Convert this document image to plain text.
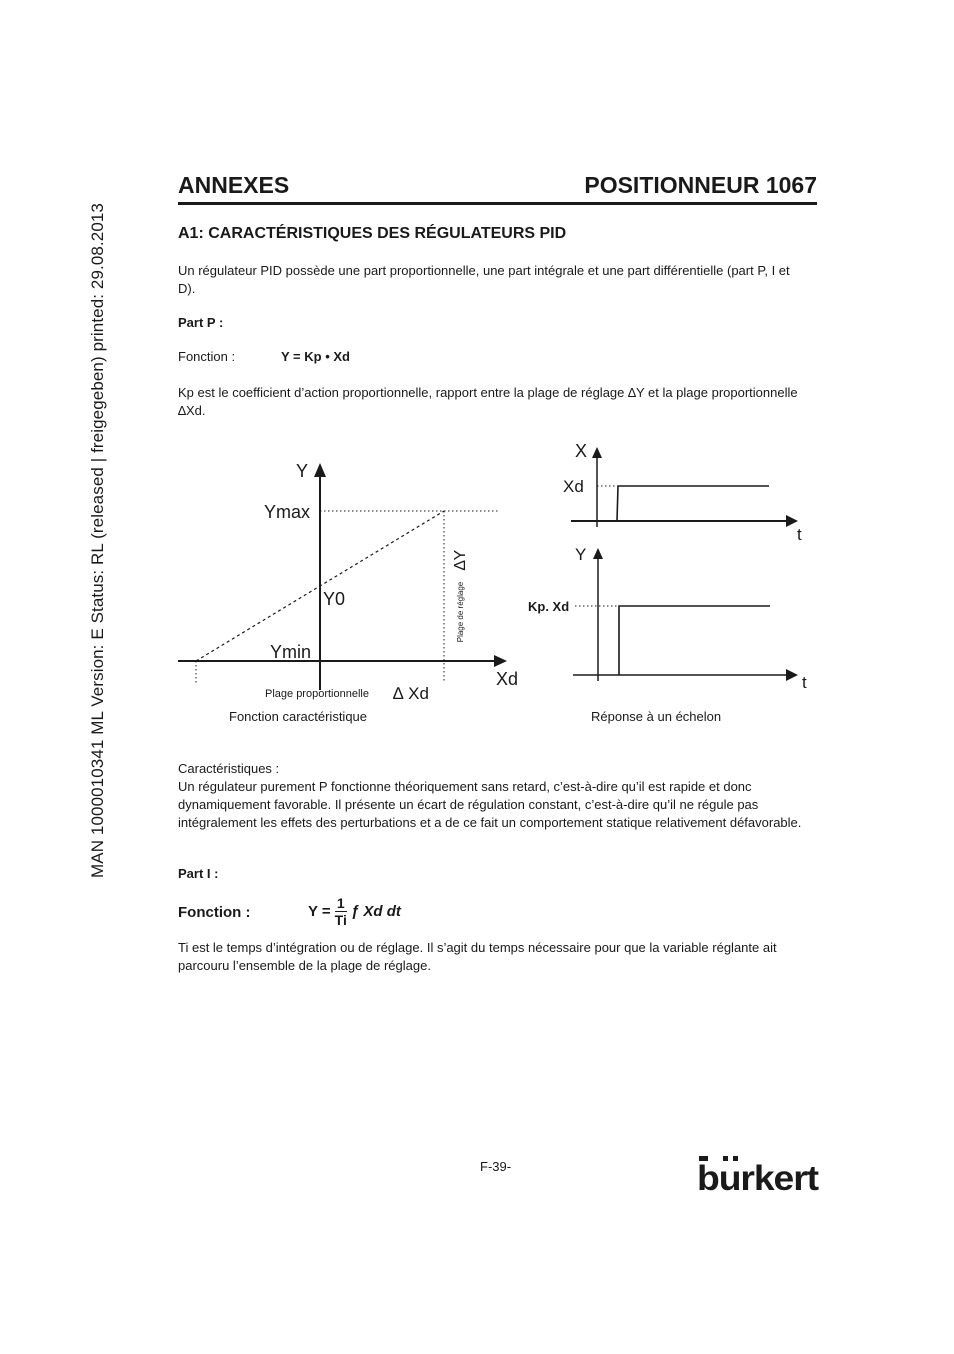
MAN 1000010341 ML Version: E Status: RL (released | freigegeben) printed: 29.08.2013
ANNEXES	POSITIONNEUR 1067
A1: CARACTÉRISTIQUES DES RÉGULATEURS PID
Un régulateur PID possède une part proportionnelle, une part intégrale et une part différentielle (part P, I et D).
Part P :
Fonction :	Y = Kp • Xd
Kp est le coefficient d’action proportionnelle, rapport entre la plage de réglage ∆Y et la plage proportionnelle ∆Xd.
Y
Ymax
Y0
Ymin
Xd
∆Y
Plage de réglage
Plage proportionnelle ∆ Xd
Fonction caractéristique
X
Xd
t
Y
Kp. Xd
t
Réponse à un échelon
Caractéristiques :
Un régulateur purement P fonctionne théoriquement sans retard, c’est-à-dire qu’il est rapide et donc dynamiquement favorable. Il présente un écart de régulation constant, c’est-à-dire qu’il ne régule pas intégralement les effets des perturbations et a de ce fait un comportement statique relativement défavorable.
Part I :
Fonction :	$Y = \frac{1}{Ti}$ ƒ Xd dt
Ti est le temps d’intégration ou de réglage. Il s’agit du temps nécessaire pour que la variable réglante ait parcouru l’ensemble de la plage de réglage.
F-39-	burkert
